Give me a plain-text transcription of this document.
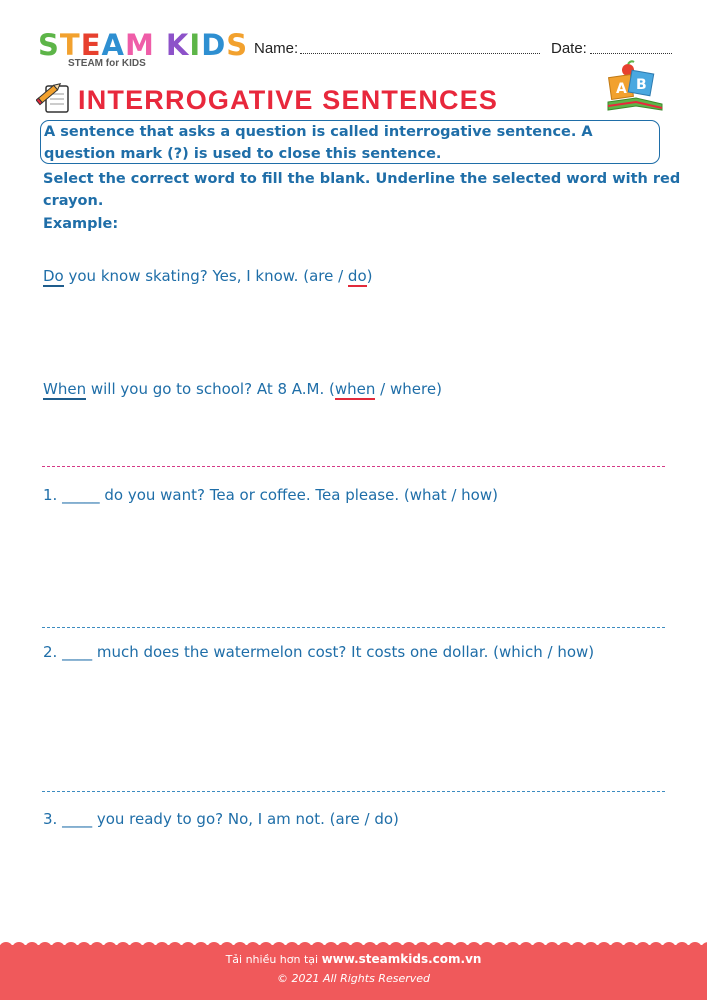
STEAM KIDS
STEAM for KIDS
Name:	Date:
INTERROGATIVE SENTENCES	A B
A sentence that asks a question is called interrogative sentence. A question mark (?) is used to close this sentence.
Select the correct word to fill the blank. Underline the selected word with red crayon.
Example:
Do you know skating? Yes, I know. (are / do)
When will you go to school? At 8 A.M. (when / where)
1. _____ do you want? Tea or coffee. Tea please. (what / how)
2. ____ much does the watermelon cost? It costs one dollar. (which / how)
3. ____ you ready to go? No, I am not. (are / do)
Tải nhiều hơn tại www.steamkids.com.vn
© 2021 All Rights Reserved
